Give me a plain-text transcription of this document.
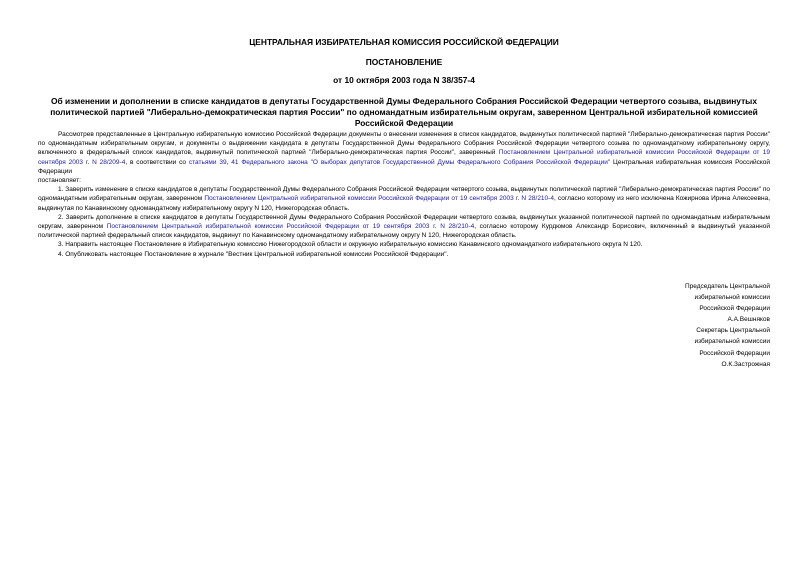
ЦЕНТРАЛЬНАЯ ИЗБИРАТЕЛЬНАЯ КОМИССИЯ РОССИЙСКОЙ ФЕДЕРАЦИИ
ПОСТАНОВЛЕНИЕ
от 10 октября 2003 года N 38/357-4
Об изменении и дополнении в списке кандидатов в депутаты Государственной Думы Федерального Собрания Российской Федерации четвертого созыва, выдвинутых политической партией "Либерально-демократическая партия России" по одномандатным избирательным округам, заверенном Центральной избирательной комиссией Российской Федерации

Рассмотрев представленные в Центральную избирательную комиссию Российской Федерации документы о внесении изменения в список кандидатов, выдвинутых политической партией "Либерально-демократическая партия России" по одномандатным избирательным округам, и документы о выдвижении кандидата в депутаты Государственной Думы Федерального Собрания Российской Федерации четвертого созыва по одномандатному избирательному округу, включенного в федеральный список кандидатов, выдвинутый политической партией "Либерально-демократическая партия России", заверенный Постановлением Центральной избирательной комиссии Российской Федерации от 19 сентября 2003 г. N 28/209-4, в соответствии со статьями 39, 41 Федерального закона "О выборах депутатов Государственной Думы Федерального Собрания Российской Федерации" Центральная избирательная комиссия Российской Федерации

постановляет:

1. Заверить изменение в списке кандидатов в депутаты Государственной Думы Федерального Собрания Российской Федерации четвертого созыва, выдвинутых политической партией "Либерально-демократическая партия России" по одномандатным избирательным округам, заверенном Постановлением Центральной избирательной комиссии Российской Федерации от 19 сентября 2003 г. N 28/210-4, согласно которому из него исключена Кожирнова Ирина Алексеевна, выдвинутая по Канавинскому одномандатному избирательному округу N 120, Нижегородская область.

2. Заверить дополнение в списке кандидатов в депутаты Государственной Думы Федерального Собрания Российской Федерации четвертого созыва, выдвинутых указанной политической партией по одномандатным избирательным округам, заверенном Постановлением Центральной избирательной комиссии Российской Федерации от 19 сентября 2003 г. N 28/210-4, согласно которому Курдюмов Александр Борисович, включенный в выдвинутый указанной политической партией федеральный список кандидатов, выдвинут по Канавинскому одномандатному избирательному округу N 120, Нижегородская область.

3. Направить настоящее Постановление в Избирательную комиссию Нижегородской области и окружную избирательную комиссию Канавинского одномандатного избирательного округа N 120.

4. Опубликовать настоящее Постановление в журнале "Вестник Центральной избирательной комиссии Российской Федерации".

Председатель Центральной
избирательной комиссии
Российской Федерации
А.А.Вешняков
Секретарь Центральной
избирательной комиссии
Российской Федерации
О.К.Застрожная
